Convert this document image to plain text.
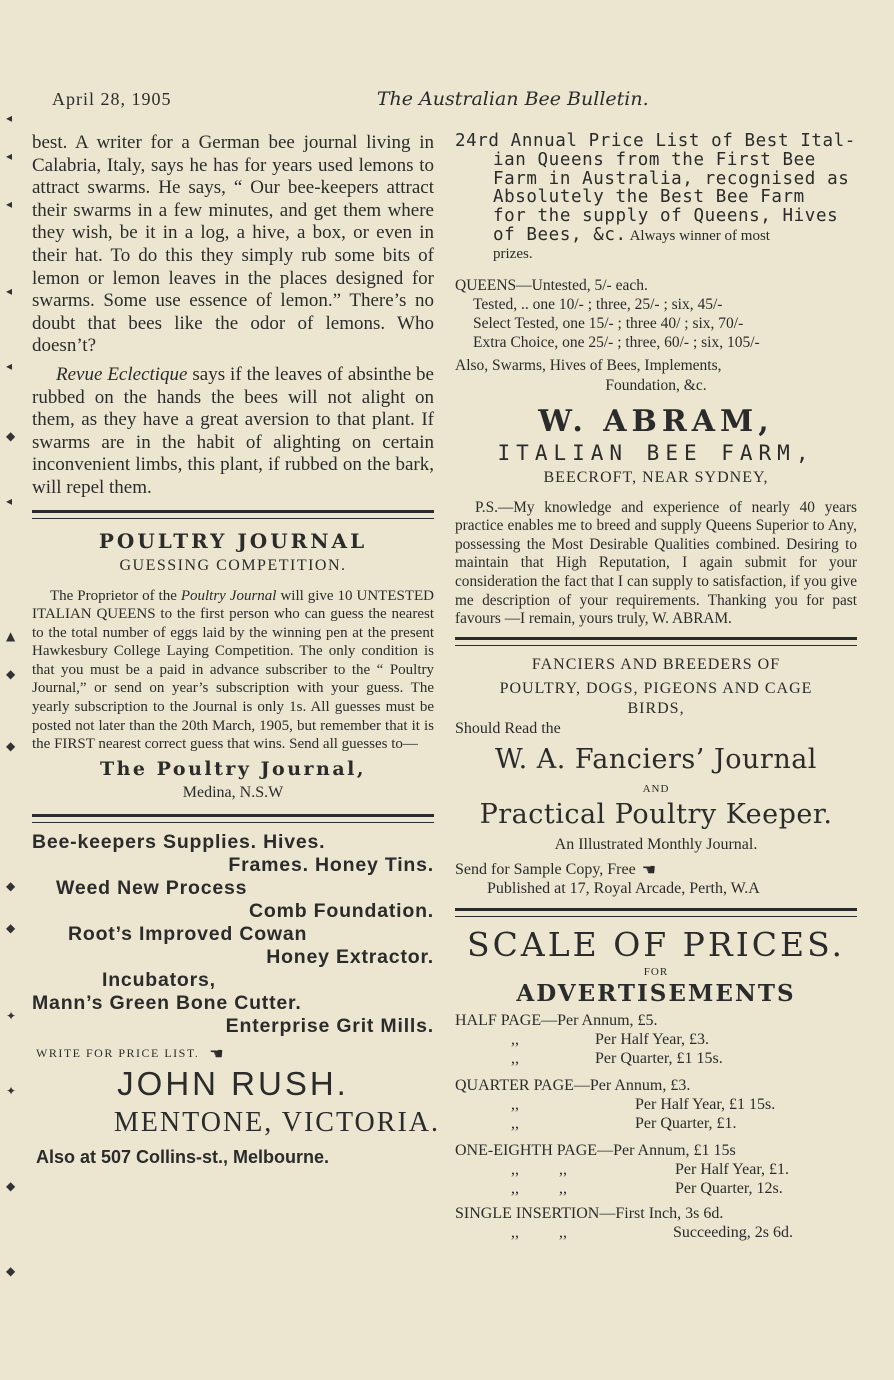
◂
◂
◂
◂
◂
◆
◂
▲
◆
◆
◆
◆
✦
✦
◆
◆
April 28, 1905	The Australian Bee Bulletin.

best. A writer for a German bee journal living in Calabria, Italy, says he has for years used lemons to attract swarms. He says, “ Our bee-keepers attract their swarms in a few minutes, and get them where they wish, be it in a log, a hive, a box, or even in their hat. To do this they simply rub some bits of lemon or lemon leaves in the places designed for swarms. Some use essence of lemon.” There’s no doubt that bees like the odor of lemons. Who doesn’t?

Revue Eclectique says if the leaves of absinthe be rubbed on the hands the bees will not alight on them, as they have a great aversion to that plant. If swarms are in the habit of alighting on certain inconvenient limbs, this plant, if rubbed on the bark, will repel them.

POULTRY JOURNAL
GUESSING COMPETITION.

The Proprietor of the Poultry Journal will give 10 UNTESTED ITALIAN QUEENS to the first person who can guess the nearest to the total number of eggs laid by the winning pen at the present Hawkesbury College Laying Competition. The only condition is that you must be a paid in advance subscriber to the “ Poultry Journal,” or send on year’s subscription with your guess. The yearly subscription to the Journal is only 1s. All guesses must be posted not later than the 20th March, 1905, but remember that it is the FIRST nearest correct guess that wins. Send all guesses to—

The Poultry Journal,
Medina, N.S.W
Bee-keepers Supplies. Hives.
Frames. Honey Tins.
Weed New Process
Comb Foundation.
Root’s Improved Cowan
Honey Extractor.
Incubators,
Mann’s Green Bone Cutter.
Enterprise Grit Mills.
WRITE FOR PRICE LIST. ☚
JOHN RUSH.
MENTONE, VICTORIA.
Also at 507 Collins-st., Melbourne.
24rd Annual Price List of Best Ital-
ian Queens from the First Bee
Farm in Australia, recognised as
Absolutely the Best Bee Farm
for the supply of Queens, Hives
of Bees, &c. Always winner of most
prizes.
QUEENS—Untested, 5/- each.
Tested, .. one 10/- ; three, 25/- ; six, 45/-
Select Tested, one 15/- ; three 40/ ; six, 70/-
Extra Choice, one 25/- ; three, 60/- ; six, 105/-
Also, Swarms, Hives of Bees, Implements,
Foundation, &c.
W. ABRAM,
ITALIAN BEE FARM,
BEECROFT, NEAR SYDNEY,

P.S.—My knowledge and experience of nearly 40 years practice enables me to breed and supply Queens Superior to Any, possessing the Most Desirable Qualities combined. Desiring to maintain that High Reputation, I again submit for your consideration the fact that I can supply to satisfaction, if you give me description of your requirements. Thanking you for past favours —I remain, yours truly, W. ABRAM.

FANCIERS AND BREEDERS OF
POULTRY, DOGS, PIGEONS AND CAGE
BIRDS,
Should Read the
W. A. Fanciers’ Journal
AND
Practical Poultry Keeper.
An Illustrated Monthly Journal.
Send for Sample Copy, Free ☚
Published at 17, Royal Arcade, Perth, W.A
SCALE OF PRICES.
FOR
ADVERTISEMENTS
HALF PAGE—Per Annum, £5.
,,	Per Half Year, £3.
,,	Per Quarter, £1 15s.
QUARTER PAGE—Per Annum, £3.
,,	Per Half Year, £1 15s.
,,	Per Quarter, £1.
ONE-EIGHTH PAGE—Per Annum, £1 15s
,,          ,,	Per Half Year, £1.
,,          ,,	Per Quarter, 12s.
SINGLE INSERTION—First Inch, 3s 6d.
,,          ,,	Succeeding, 2s 6d.
